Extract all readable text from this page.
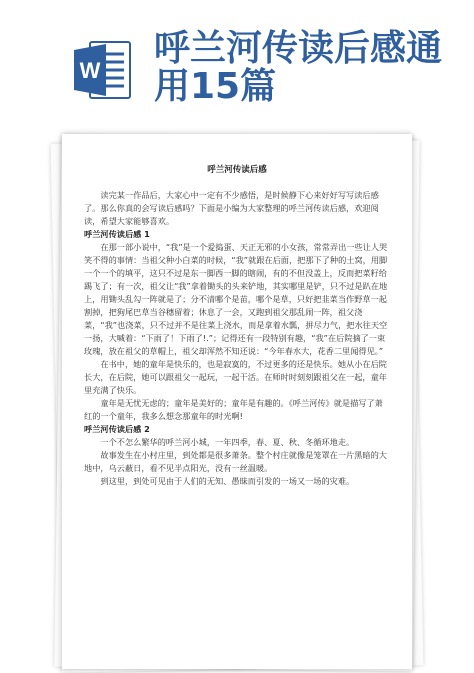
W
呼兰河传读后感通
用15篇
呼兰河传读后感

读完某一作品后，大家心中一定有不少感悟，是时候静下心来好好写写读后感了。那么你真的会写读后感吗？下面是小编为大家整理的呼兰河传读后感，欢迎阅读，希望大家能够喜欢。

呼兰河传读后感 1

在那一部小说中，“我”是一个爱捣蛋、天正无邪的小女孩，常常弄出一些让人哭笑不得的事情：当祖父种小白菜的时候，“我”就跟在后面，把那下了种的土窝，用脚一个一个的填平，这只不过是东一脚西一脚的瞎闹，有的不但没盖上，反而把菜籽给踢飞了；有一次，祖父让“我”拿着锄头的头来铲地，其实哪里是铲，只不过是趴在地上，用锄头乱勾一阵就是了；分不清哪个是苗，哪个是草，只好把韭菜当作野草一起割掉，把狗尾巴草当谷穗留着；休息了一会，又跑到祖父那乱闹一阵，祖父浇菜，“我”也浇菜，只不过并不是往菜上浇水，而是拿着水瓢，拼尽力气，把水往天空一扬，大喊着：“下雨了！下雨了!.”；记得还有一段特别有趣，“我”在后院摘了一束玫瑰，放在祖父的草帽上，祖父却浑然不知还说：“今年春水大，花香二里闻得见。”

在书中，她的童年是快乐的，也是寂寞的，不过更多的还是快乐。她从小在后院长大，在后院，她可以跟祖父一起玩，一起干活。在师时时刻刻跟祖父在一起，童年里充满了快乐。

童年是无忧无虑的；童年是美好的；童年是有趣的。《呼兰河传》就是描写了萧红的一个童年，我多么想念那童年的时光啊!

呼兰河传读后感 2

一个不怎么繁华的呼兰河小城，一年四季，春、夏、秋、冬循环地走。

故事发生在小村庄里，到处都是很多萧条。整个村庄就像是笼罩在一片黑暗的大地中，乌云蔽日，看不见半点阳光，没有一丝温暖。

到这里，到处可见由于人们的无知、愚昧而引发的一场又一场的灾难。
